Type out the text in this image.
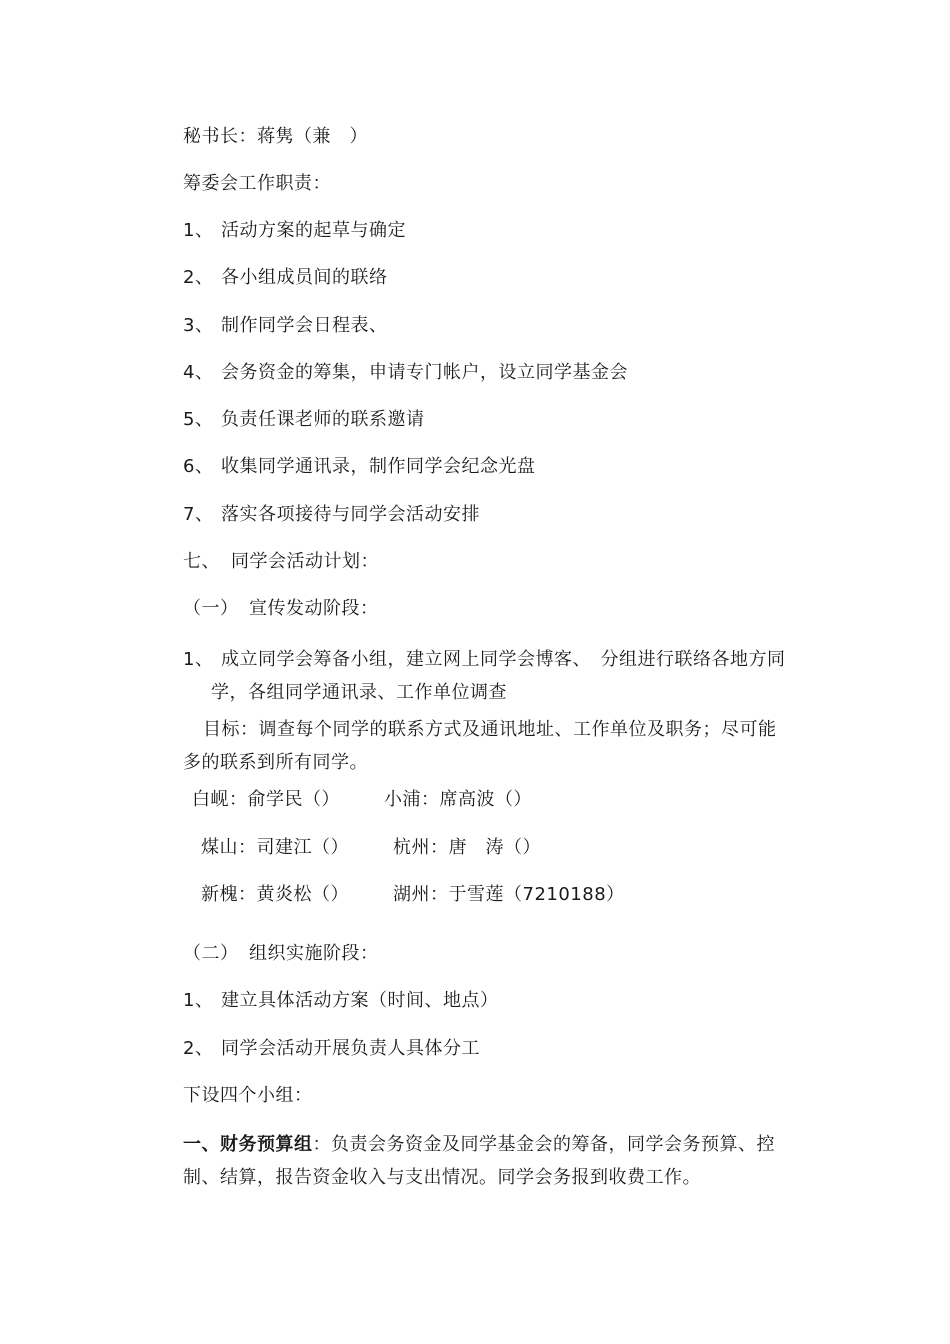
秘书长：蒋隽（兼　）
筹委会工作职责：
1、 活动方案的起草与确定
2、 各小组成员间的联络
3、 制作同学会日程表、
4、 会务资金的筹集，申请专门帐户，设立同学基金会
5、 负责任课老师的联系邀请
6、 收集同学通讯录，制作同学会纪念光盘
7、 落实各项接待与同学会活动安排
七、 同学会活动计划：
（一） 宣传发动阶段：
1、 成立同学会筹备小组，建立网上同学会博客、　分组进行联络各地方同
学，各组同学通讯录、工作单位调查
目标：调查每个同学的联系方式及通讯地址、工作单位及职务；尽可能
多的联系到所有同学。
白岘：俞学民（） 小浦：席高波（）
煤山：司建江（） 杭州：唐　涛（）
新槐：黄炎松（） 湖州：于雪莲（7210188）
（二） 组织实施阶段：
1、 建立具体活动方案（时间、地点）
2、 同学会活动开展负责人具体分工
下设四个小组：
一、财务预算组：负责会务资金及同学基金会的筹备，同学会务预算、控
制、结算，报告资金收入与支出情况。同学会务报到收费工作。
